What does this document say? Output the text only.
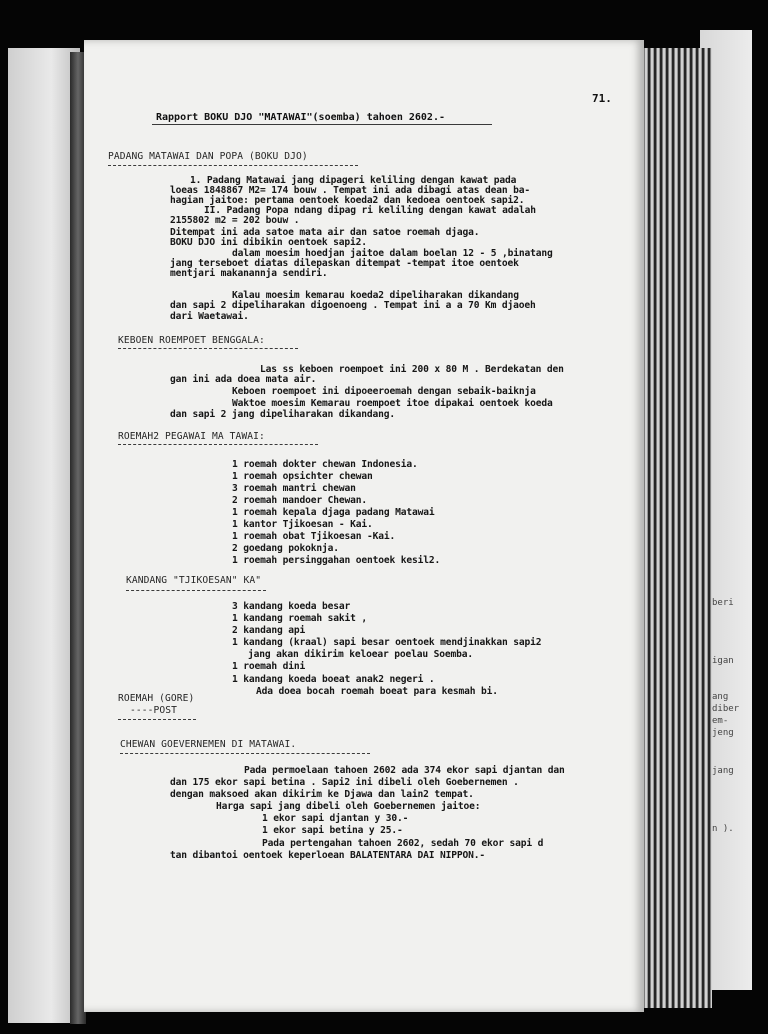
beri
igan
ang
diber
em-
jeng
jang
n ).
71.
Rapport BOKU DJO "MATAWAI"(soemba) tahoen 2602.-
PADANG MATAWAI DAN POPA (BOKU DJO)
1. Padang Matawai jang dipageri keliling dengan kawat pada
loeas 1848867 M2= 174 bouw . Tempat ini ada dibagi atas dean ba-
hagian jaitoe: pertama oentoek koeda2 dan kedoea oentoek sapi2.
II. Padang Popa ndang dipag ri keliling dengan kawat adalah
2155802 m2 = 202 bouw .
Ditempat ini ada satoe mata air dan satoe roemah djaga.
BOKU DJO ini dibikin oentoek sapi2.
dalam moesim hoedjan jaitoe dalam boelan 12 - 5 ,binatang
jang terseboet diatas dilepaskan ditempat -tempat itoe oentoek
mentjari makanannja sendiri.
Kalau moesim kemarau koeda2 dipeliharakan dikandang
dan sapi 2 dipeliharakan digoenoeng . Tempat ini a a 70 Km djaoeh
dari Waetawai.
KEBOEN ROEMPOET BENGGALA:
Las ss keboen roempoet ini 200 x 80 M . Berdekatan den
gan ini ada doea mata air.
Keboen roempoet ini dipoeeroemah dengan sebaik-baiknja
Waktoe moesim Kemarau roempoet itoe dipakai oentoek koeda
dan sapi 2 jang dipeliharakan dikandang.
ROEMAH2 PEGAWAI MA TAWAI:
1 roemah dokter chewan Indonesia.
1 roemah opsichter chewan
3 roemah mantri chewan
2 roemah mandoer Chewan.
1 roemah kepala djaga padang Matawai
1 kantor Tjikoesan - Kai.
1 roemah obat Tjikoesan -Kai.
2 goedang pokoknja.
1 roemah persinggahan oentoek kesil2.
KANDANG "TJIKOESAN" KA"
3 kandang koeda besar
1 kandang roemah sakit ,
2 kandang api
1 kandang (kraal) sapi besar oentoek mendjinakkan sapi2
jang akan dikirim keloear poelau Soemba.
1 roemah dini
1 kandang koeda boeat anak2 negeri .
Ada doea bocah roemah boeat para kesmah bi.
ROEMAH (GORE)
----POST
CHEWAN GOEVERNEMEN DI MATAWAI.
Pada permoelaan tahoen 2602 ada 374 ekor sapi djantan dan
dan 175 ekor sapi betina . Sapi2 ini dibeli oleh Goebernemen .
dengan maksoed akan dikirim ke Djawa dan lain2 tempat.
Harga sapi jang dibeli oleh Goebernemen jaitoe:
1 ekor sapi djantan y 30.-
1 ekor sapi betina y 25.-
Pada pertengahan tahoen 2602, sedah 70 ekor sapi d
tan dibantoi oentoek keperloean BALATENTARA DAI NIPPON.-
